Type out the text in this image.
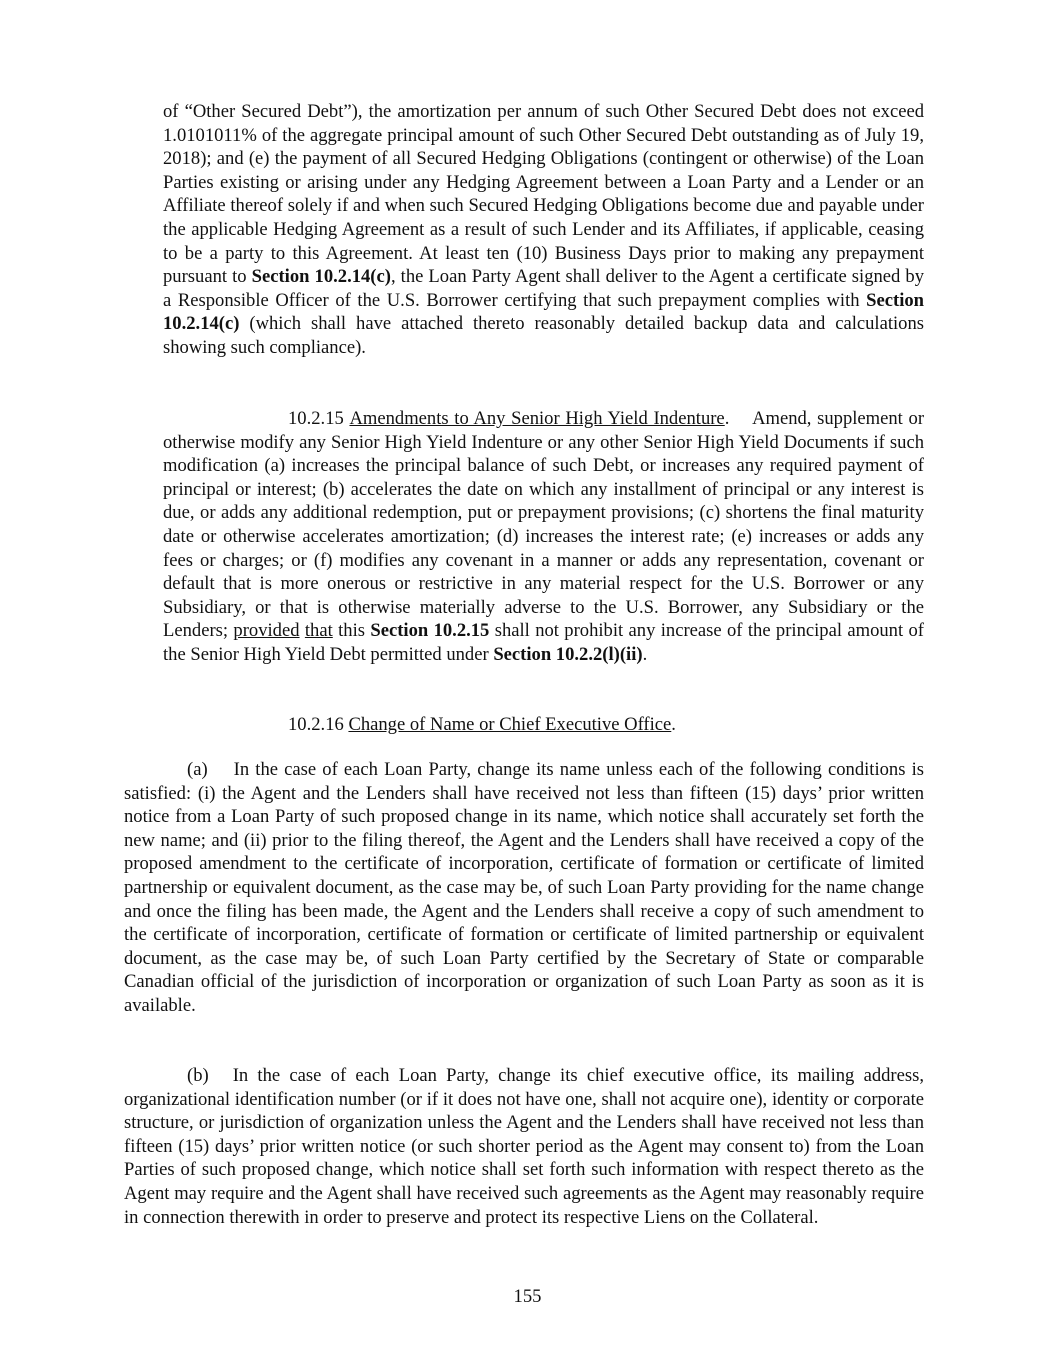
of “Other Secured Debt”), the amortization per annum of such Other Secured Debt does not exceed 1.0101011% of the aggregate principal amount of such Other Secured Debt outstanding as of July 19, 2018); and (e) the payment of all Secured Hedging Obligations (contingent or otherwise) of the Loan Parties existing or arising under any Hedging Agreement between a Loan Party and a Lender or an Affiliate thereof solely if and when such Secured Hedging Obligations become due and payable under the applicable Hedging Agreement as a result of such Lender and its Affiliates, if applicable, ceasing to be a party to this Agreement. At least ten (10) Business Days prior to making any prepayment pursuant to Section 10.2.14(c), the Loan Party Agent shall deliver to the Agent a certificate signed by a Responsible Officer of the U.S. Borrower certifying that such prepayment complies with Section 10.2.14(c) (which shall have attached thereto reasonably detailed backup data and calculations showing such compliance).

10.2.15 Amendments to Any Senior High Yield Indenture. Amend, supplement or otherwise modify any Senior High Yield Indenture or any other Senior High Yield Documents if such modification (a) increases the principal balance of such Debt, or increases any required payment of principal or interest; (b) accelerates the date on which any installment of principal or any interest is due, or adds any additional redemption, put or prepayment provisions; (c) shortens the final maturity date or otherwise accelerates amortization; (d) increases the interest rate; (e) increases or adds any fees or charges; or (f) modifies any covenant in a manner or adds any representation, covenant or default that is more onerous or restrictive in any material respect for the U.S. Borrower or any Subsidiary, or that is otherwise materially adverse to the U.S. Borrower, any Subsidiary or the Lenders; provided that this Section 10.2.15 shall not prohibit any increase of the principal amount of the Senior High Yield Debt permitted under Section 10.2.2(l)(ii).

10.2.16 Change of Name or Chief Executive Office.

(a) In the case of each Loan Party, change its name unless each of the following conditions is satisfied: (i) the Agent and the Lenders shall have received not less than fifteen (15) days’ prior written notice from a Loan Party of such proposed change in its name, which notice shall accurately set forth the new name; and (ii) prior to the filing thereof, the Agent and the Lenders shall have received a copy of the proposed amendment to the certificate of incorporation, certificate of formation or certificate of limited partnership or equivalent document, as the case may be, of such Loan Party providing for the name change and once the filing has been made, the Agent and the Lenders shall receive a copy of such amendment to the certificate of incorporation, certificate of formation or certificate of limited partnership or equivalent document, as the case may be, of such Loan Party certified by the Secretary of State or comparable Canadian official of the jurisdiction of incorporation or organization of such Loan Party as soon as it is available.

(b) In the case of each Loan Party, change its chief executive office, its mailing address, organizational identification number (or if it does not have one, shall not acquire one), identity or corporate structure, or jurisdiction of organization unless the Agent and the Lenders shall have received not less than fifteen (15) days’ prior written notice (or such shorter period as the Agent may consent to) from the Loan Parties of such proposed change, which notice shall set forth such information with respect thereto as the Agent may require and the Agent shall have received such agreements as the Agent may reasonably require in connection therewith in order to preserve and protect its respective Liens on the Collateral.

155
